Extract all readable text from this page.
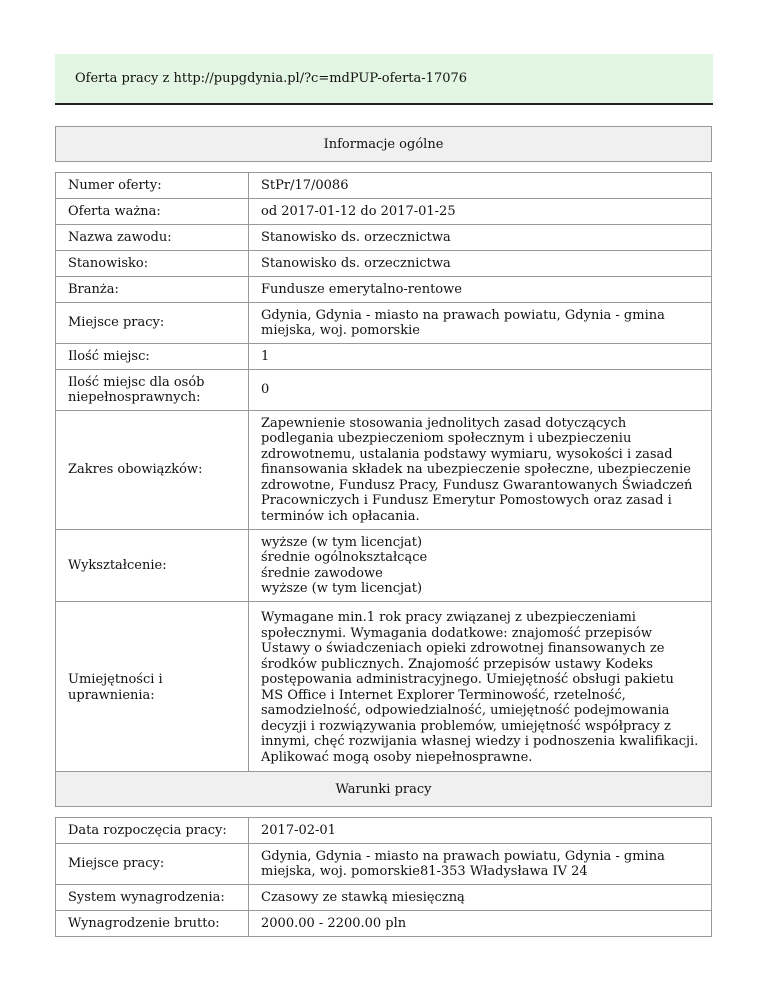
Oferta pracy z http://pupgdynia.pl/?c=mdPUP-oferta-17076
Informacje ogólne
Numer oferty:	StPr/17/0086
Oferta ważna:	od 2017-01-12 do 2017-01-25
Nazwa zawodu:	Stanowisko ds. orzecznictwa
Stanowisko:	Stanowisko ds. orzecznictwa
Branża:	Fundusze emerytalno-rentowe
Miejsce pracy:	Gdynia, Gdynia - miasto na prawach powiatu, Gdynia - gmina miejska, woj. pomorskie
Ilość miejsc:	1
Ilość miejsc dla osób niepełnosprawnych:	0
Zakres obowiązków:	Zapewnienie stosowania jednolitych zasad dotyczących podlegania ubezpieczeniom społecznym i ubezpieczeniu zdrowotnemu, ustalania podstawy wymiaru, wysokości i zasad finansowania składek na ubezpieczenie społeczne, ubezpieczenie zdrowotne, Fundusz Pracy, Fundusz Gwarantowanych Świadczeń Pracowniczych i Fundusz Emerytur Pomostowych oraz zasad i terminów ich opłacania.
Wykształcenie:	wyższe (w tym licencjat)
średnie ogólnokształcące
średnie zawodowe
wyższe (w tym licencjat)
Umiejętności i uprawnienia:	Wymagane min.1 rok pracy związanej z ubezpieczeniami społecznymi. Wymagania dodatkowe: znajomość przepisów Ustawy o świadczeniach opieki zdrowotnej finansowanych ze środków publicznych. Znajomość przepisów ustawy Kodeks postępowania administracyjnego. Umiejętność obsługi pakietu MS Office i Internet Explorer Terminowość, rzetelność, samodzielność, odpowiedzialność, umiejętność podejmowania decyzji i rozwiązywania problemów, umiejętność współpracy z innymi, chęć rozwijania własnej wiedzy i podnoszenia kwalifikacji. Aplikować mogą osoby niepełnosprawne.
Warunki pracy
Data rozpoczęcia pracy:	2017-02-01
Miejsce pracy:	Gdynia, Gdynia - miasto na prawach powiatu, Gdynia - gmina miejska, woj. pomorskie81-353 Władysława IV 24
System wynagrodzenia:	Czasowy ze stawką miesięczną
Wynagrodzenie brutto:	2000.00 - 2200.00 pln
